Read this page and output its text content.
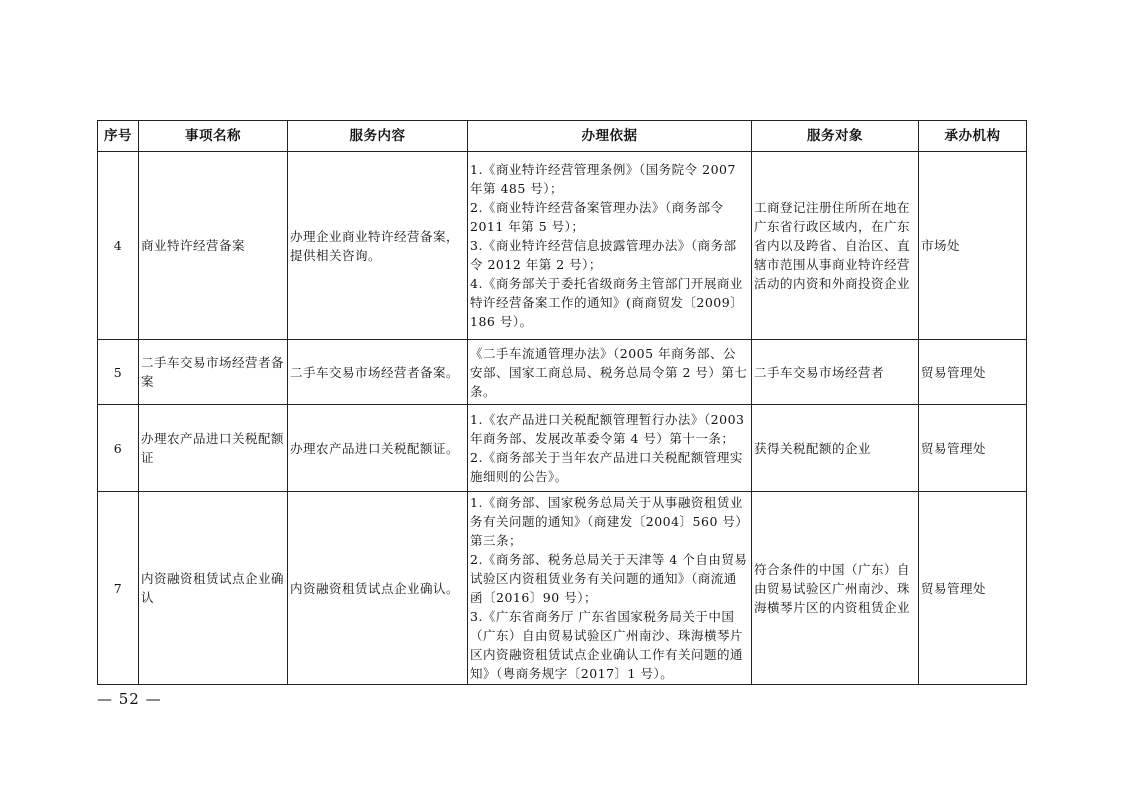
序号	事项名称	服务内容	办理依据	服务对象	承办机构
4	商业特许经营备案	办理企业商业特许经营备案，提供相关咨询。	1.《商业特许经营管理条例》（国务院令 2007 年第 485 号）；
2.《商业特许经营备案管理办法》（商务部令 2011 年第 5 号）；
3.《商业特许经营信息披露管理办法》（商务部令 2012 年第 2 号）；
4.《商务部关于委托省级商务主管部门开展商业特许经营备案工作的通知》(商商贸发〔2009〕186 号）。	工商登记注册住所所在地在广东省行政区域内，在广东省内以及跨省、自治区、直辖市范围从事商业特许经营活动的内资和外商投资企业	市场处
5	二手车交易市场经营者备案	二手车交易市场经营者备案。	《二手车流通管理办法》（2005 年商务部、公安部、国家工商总局、税务总局令第 2 号）第七条。	二手车交易市场经营者	贸易管理处
6	办理农产品进口关税配额证	办理农产品进口关税配额证。	1.《农产品进口关税配额管理暂行办法》（2003 年商务部、发展改革委令第 4 号）第十一条；
2.《商务部关于当年农产品进口关税配额管理实施细则的公告》。	获得关税配额的企业	贸易管理处
7	内资融资租赁试点企业确认	内资融资租赁试点企业确认。	1.《商务部、国家税务总局关于从事融资租赁业务有关问题的通知》（商建发〔2004〕560 号）第三条；
2.《商务部、税务总局关于天津等 4 个自由贸易试验区内资租赁业务有关问题的通知》（商流通函〔2016〕90 号）；
3.《广东省商务厅 广东省国家税务局关于中国（广东）自由贸易试验区广州南沙、珠海横琴片区内资融资租赁试点企业确认工作有关问题的通知》（粤商务规字〔2017〕1 号）。	符合条件的中国（广东）自由贸易试验区广州南沙、珠海横琴片区的内资租赁企业	贸易管理处
— 52 —
